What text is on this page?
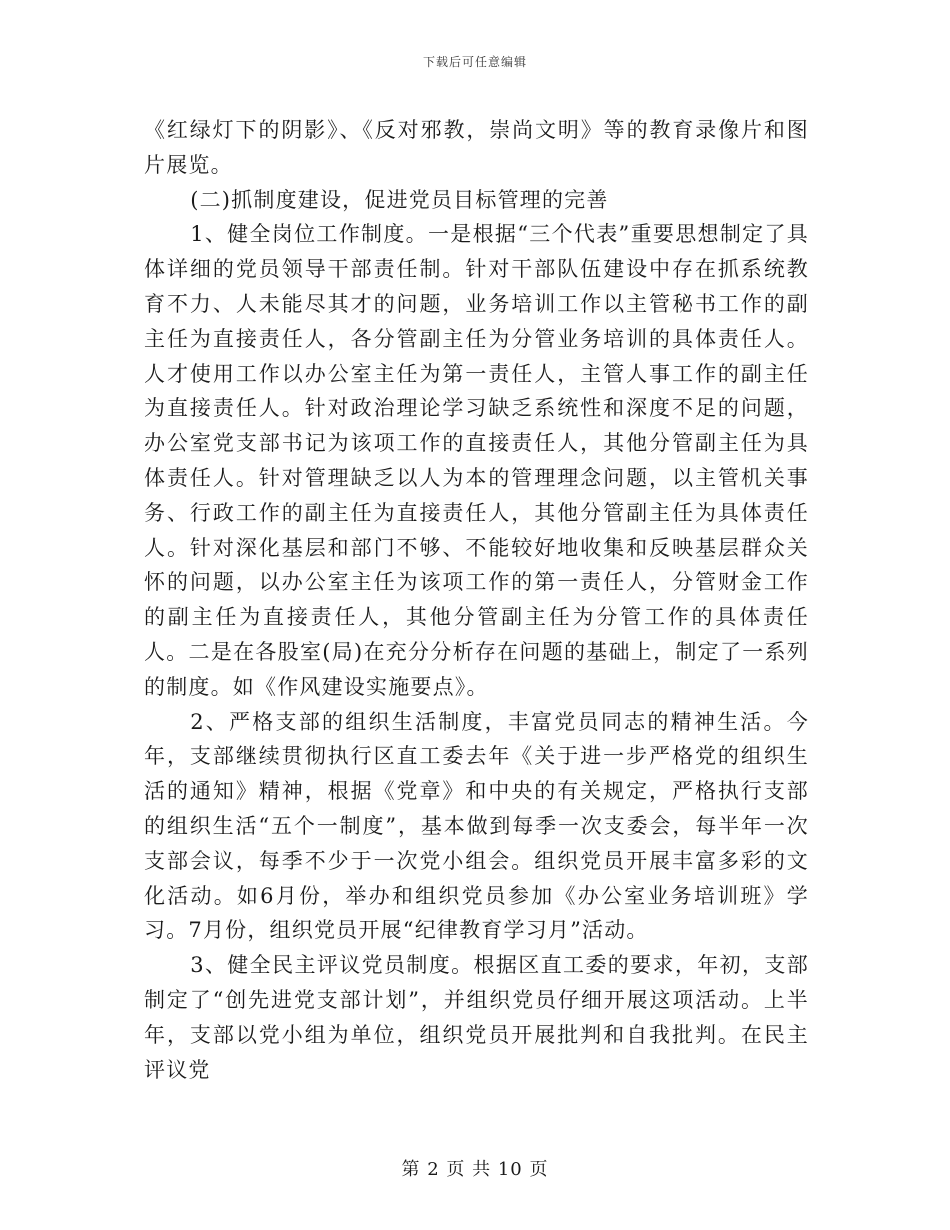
下载后可任意编辑

《红绿灯下的阴影》、《反对邪教，崇尚文明》等的教育录像片和图片展览。

(二)抓制度建设，促进党员目标管理的完善

1、健全岗位工作制度。一是根据“三个代表”重要思想制定了具体详细的党员领导干部责任制。针对干部队伍建设中存在抓系统教育不力、人未能尽其才的问题，业务培训工作以主管秘书工作的副主任为直接责任人，各分管副主任为分管业务培训的具体责任人。人才使用工作以办公室主任为第一责任人，主管人事工作的副主任为直接责任人。针对政治理论学习缺乏系统性和深度不足的问题，办公室党支部书记为该项工作的直接责任人，其他分管副主任为具体责任人。针对管理缺乏以人为本的管理理念问题，以主管机关事务、行政工作的副主任为直接责任人，其他分管副主任为具体责任人。针对深化基层和部门不够、不能较好地收集和反映基层群众关怀的问题，以办公室主任为该项工作的第一责任人，分管财金工作的副主任为直接责任人，其他分管副主任为分管工作的具体责任人。二是在各股室(局)在充分分析存在问题的基础上，制定了一系列的制度。如《作风建设实施要点》。

2、严格支部的组织生活制度，丰富党员同志的精神生活。今年，支部继续贯彻执行区直工委去年《关于进一步严格党的组织生活的通知》精神，根据《党章》和中央的有关规定，严格执行支部的组织生活“五个一制度”，基本做到每季一次支委会，每半年一次支部会议，每季不少于一次党小组会。组织党员开展丰富多彩的文化活动。如6月份，举办和组织党员参加《办公室业务培训班》学习。7月份，组织党员开展“纪律教育学习月”活动。

3、健全民主评议党员制度。根据区直工委的要求，年初，支部制定了“创先进党支部计划”，并组织党员仔细开展这项活动。上半年，支部以党小组为单位，组织党员开展批判和自我批判。在民主评议党

第 2 页 共 10 页
